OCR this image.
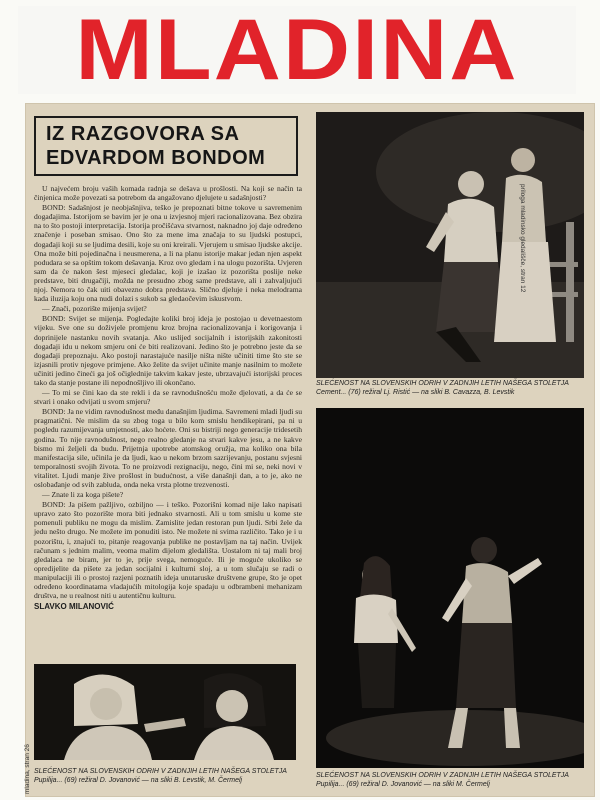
MLADINA
IZ RAZGOVORA SA
EDVARDOM BONDOM

U najvećem broju vaših komada radnja se dešava u prošlosti. Na koji se način ta činjenica može povezati sa potrebom da angažovano djelujete u sadašnjosti?

BOND: Sadašnjost je neobjašnjiva, teško je prepoznati bitne tokove u savremenim događajima. Istorijom se bavim jer je ona u izvjesnoj mjeri racionalizovana. Bez obzira na to što postoji interpretacija. Istorija pročišćava stvarnost, naknadno joj daje određeno značenje i poseban smisao. Ono što za mene ima značaja to su ljudski postupci, događaji koji su se ljudima desili, koje su oni kreirali. Vjerujem u smisao ljudske akcije. Ona može biti pojedinačna i neusmerena, a li na planu istorije makar jedan njen aspekt podudara se sa opštim tokom dešavanja. Kroz ovo gledam i na ulogu pozorišta. Uvjeren sam da će nakon šest mjeseci gledalac, koji je izašao iz pozorišta poslije neke predstave, biti drugačiji, možda ne presudno zbog same predstave, ali i zahvaljujući njoj. Nemora to čak uiti obavezno dobra predstava. Slično djeluje i neka melodrama kada iluzija koju ona nudi dolazi s sukob sa gledaočevim iskustvom.

— Znači, pozorište mijenja svijet?

BOND: Svijet se mijenja. Pogledajte koliki broj ideja je postojao u devetnaestom vijeku. Sve one su doživjele promjenu kroz brojna racionalizovanja i korigovanja i doprinijele nastanku novih svatanja. Ako uslijed socijalnih i istorijskih zakonitosti događaji idu u nekom smjeru oni će biti realizovani. Jedino što je potrebno jeste da se događaji prepoznaju. Ako postoji narastajuće nasilje ništa nište učiniti time što ste se izjasnili protiv njegove primjene. Ako želite da svijet učinite manje nasilnim to možete učiniti jedino čineći ga još očiglednije takvim kakav jeste, ubrzavajući istorijski proces tako da stanje postane ili nepodnošljivo ili okončano.

— To mi se čini kao da ste rekli i da se ravnodušnošću može djelovati, a da će se stvari i onako odvijati u svom smjeru?

BOND: Ja ne vidim ravnodušnost među današnjim ljudima. Savremeni mladi ljudi su pragmatični. Ne mislim da su zbog toga u bilo kom smislu hendikepirani, pa ni u pogledu razumijevanja umjetnosti, ako hoćete. Oni su bistriji nego generacije tridesetih godina. To nije ravnodušnost, nego realno gledanje na stvari kakve jesu, a ne kakve bismo mi željeli da budu. Prijetnja upotrebe atomskog oružja, ma koliko ona bila manifestacija sile, učinila je da ljudi, kao u nekom brzom sazrijevanju, postanu svjesni temporalnosti svojih života. To ne proizvodi rezignaciju, nego, čini mi se, neki novi v vitalitet. Ljudi manje žive prošlost in budućnost, a više današnji dan, a to je, ako ne oslobađanje od svih zabluda, onda neka vrsta plotne trezvenosti.

— Znate li za koga pišete?

BOND: Ja pišem pažljivo, ozbiljno — i teško. Pozorišni komad nije lako napisati upravo zato što pozorište mora biti jednako stvarnosti. Ali u tom smislu u kome ste pomenuli publiku ne mogu da mislim. Zamislite jedan restoran pun ljudi. Srbi žele da jedu nešto drugo. Ne možete im ponuditi isto. Ne možete ni svima različito. Tako je i u pozorištu, i, znajući to, pitanje reagovanja publike ne postavljam na taj način. Uvijek računam s jednim malim, veoma malim dijelom gledališta. Uostalom ni taj mali broj gledalaca ne biram, jer to je, prije svega, nemoguće. Ili je moguće ukoliko se opredijelite da pišete za jedan socijalni i kulturni sloj, a u tom slučaju se radi o manipulaciji ili o prostoj razjeni poznatih ideja unutaruske društvene grupe, što je opet određeno koordinatama vladajućih mitologija koje spadaju u odbrambeni mehanizam društva, ne u realnost niti u autentičnu kulturu.

SLAVKO MILANOVIĆ
SLEĆENOST NA SLOVENSKIH ODRIH V ZADNJIH LETIH NAŠEGA STOLETJA Cement... (76) režiral Lj. Ristić — na sliki B. Cavazza, B. Levstik
SLEĆENOST NA SLOVENSKIH ODRIH V ZADNJIH LETIH NAŠEGA STOLETJA Pupilija... (69) režiral D. Jovanović — na sliki M. Čermelj
SLEĆENOST NA SLOVENSKIH ODRIH V ZADNJIH LETIH NAŠEGA STOLETJA Pupilija... (69) režiral D. Jovanović — na sliki B. Levstik, M. Čermelj
priloga mladinsko gledališče, stran 12
mladina, stran 26
